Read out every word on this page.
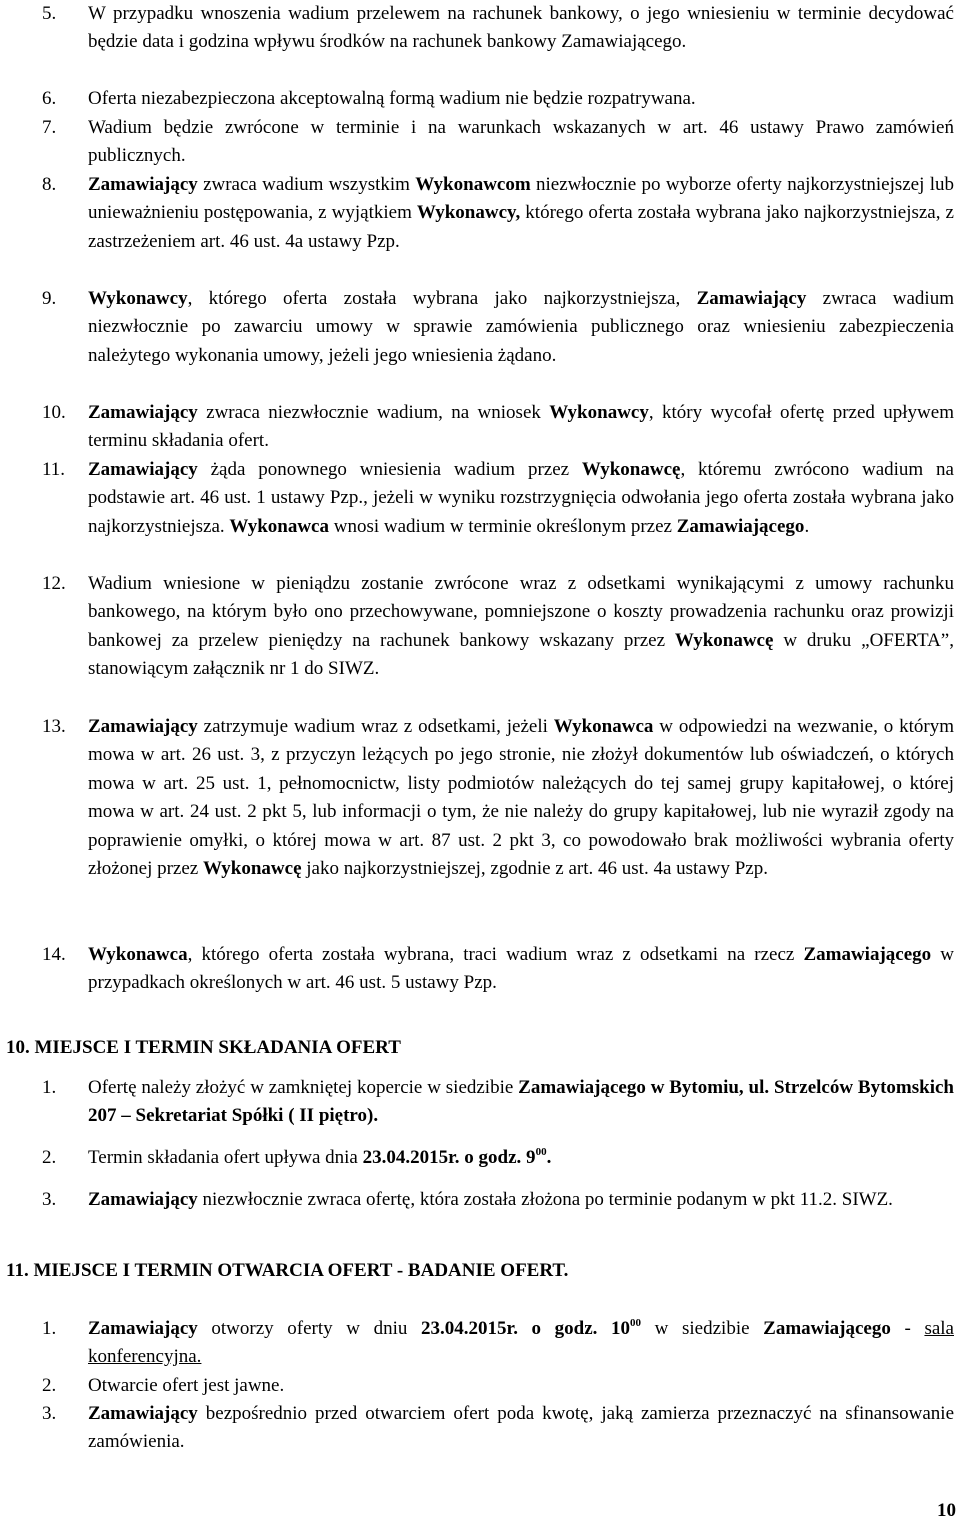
5. W przypadku wnoszenia wadium przelewem na rachunek bankowy, o jego wniesieniu w terminie decydować będzie data i godzina wpływu środków na rachunek bankowy Zamawiającego.
6. Oferta niezabezpieczona akceptowalną formą wadium nie będzie rozpatrywana.
7. Wadium będzie zwrócone w terminie i na warunkach wskazanych w art. 46 ustawy Prawo zamówień publicznych.
8. Zamawiający zwraca wadium wszystkim Wykonawcom niezwłocznie po wyborze oferty najkorzystniejszej lub unieważnieniu postępowania, z wyjątkiem Wykonawcy, którego oferta została wybrana jako najkorzystniejsza, z zastrzeżeniem art. 46 ust. 4a ustawy Pzp.
9. Wykonawcy, którego oferta została wybrana jako najkorzystniejsza, Zamawiający zwraca wadium niezwłocznie po zawarciu umowy w sprawie zamówienia publicznego oraz wniesieniu zabezpieczenia należytego wykonania umowy, jeżeli jego wniesienia żądano.
10. Zamawiający zwraca niezwłocznie wadium, na wniosek Wykonawcy, który wycofał ofertę przed upływem terminu składania ofert.
11. Zamawiający żąda ponownego wniesienia wadium przez Wykonawcę, któremu zwrócono wadium na podstawie art. 46 ust. 1 ustawy Pzp., jeżeli w wyniku rozstrzygnięcia odwołania jego oferta została wybrana jako najkorzystniejsza. Wykonawca wnosi wadium w terminie określonym przez Zamawiającego.
12. Wadium wniesione w pieniądzu zostanie zwrócone wraz z odsetkami wynikającymi z umowy rachunku bankowego, na którym było ono przechowywane, pomniejszone o koszty prowadzenia rachunku oraz prowizji bankowej za przelew pieniędzy na rachunek bankowy wskazany przez Wykonawcę w druku „OFERTA”, stanowiącym załącznik nr 1 do SIWZ.
13. Zamawiający zatrzymuje wadium wraz z odsetkami, jeżeli Wykonawca w odpowiedzi na wezwanie, o którym mowa w art. 26 ust. 3, z przyczyn leżących po jego stronie, nie złożył dokumentów lub oświadczeń, o których mowa w art. 25 ust. 1, pełnomocnictw, listy podmiotów należących do tej samej grupy kapitałowej, o której mowa w art. 24 ust. 2 pkt 5, lub informacji o tym, że nie należy do grupy kapitałowej, lub nie wyraził zgody na poprawienie omyłki, o której mowa w art. 87 ust. 2 pkt 3, co powodowało brak możliwości wybrania oferty złożonej przez Wykonawcę jako najkorzystniejszej, zgodnie z art. 46 ust. 4a ustawy Pzp.
14. Wykonawca, którego oferta została wybrana, traci wadium wraz z odsetkami na rzecz Zamawiającego w przypadkach określonych w art. 46 ust. 5 ustawy Pzp.
10. MIEJSCE I TERMIN SKŁADANIA OFERT
1. Ofertę należy złożyć w zamkniętej kopercie w siedzibie Zamawiającego w Bytomiu, ul. Strzelców Bytomskich 207 – Sekretariat Spółki ( II piętro).
2. Termin składania ofert upływa dnia 23.04.2015r. o godz. $9^{00}$.
3. Zamawiający niezwłocznie zwraca ofertę, która została złożona po terminie podanym w pkt 11.2. SIWZ.
11. MIEJSCE I TERMIN OTWARCIA OFERT - BADANIE OFERT.
1. Zamawiający otworzy oferty w dniu 23.04.2015r. o godz. $10^{00}$ w siedzibie Zamawiającego - sala konferencyjna.
2. Otwarcie ofert jest jawne.
3. Zamawiający bezpośrednio przed otwarciem ofert poda kwotę, jaką zamierza przeznaczyć na sfinansowanie zamówienia.
10
